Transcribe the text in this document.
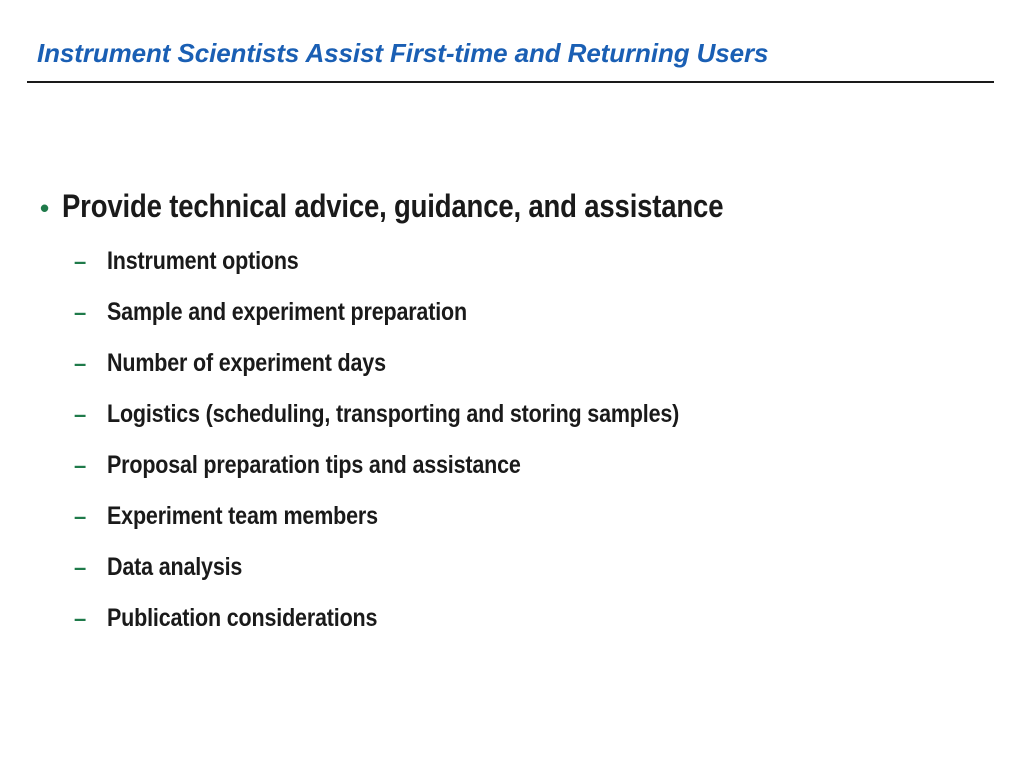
Instrument Scientists Assist First-time and Returning Users
• Provide technical advice, guidance, and assistance
– Instrument options
– Sample and experiment preparation
– Number of experiment days
– Logistics (scheduling, transporting and storing samples)
– Proposal preparation tips and assistance
– Experiment team members
– Data analysis
– Publication considerations
